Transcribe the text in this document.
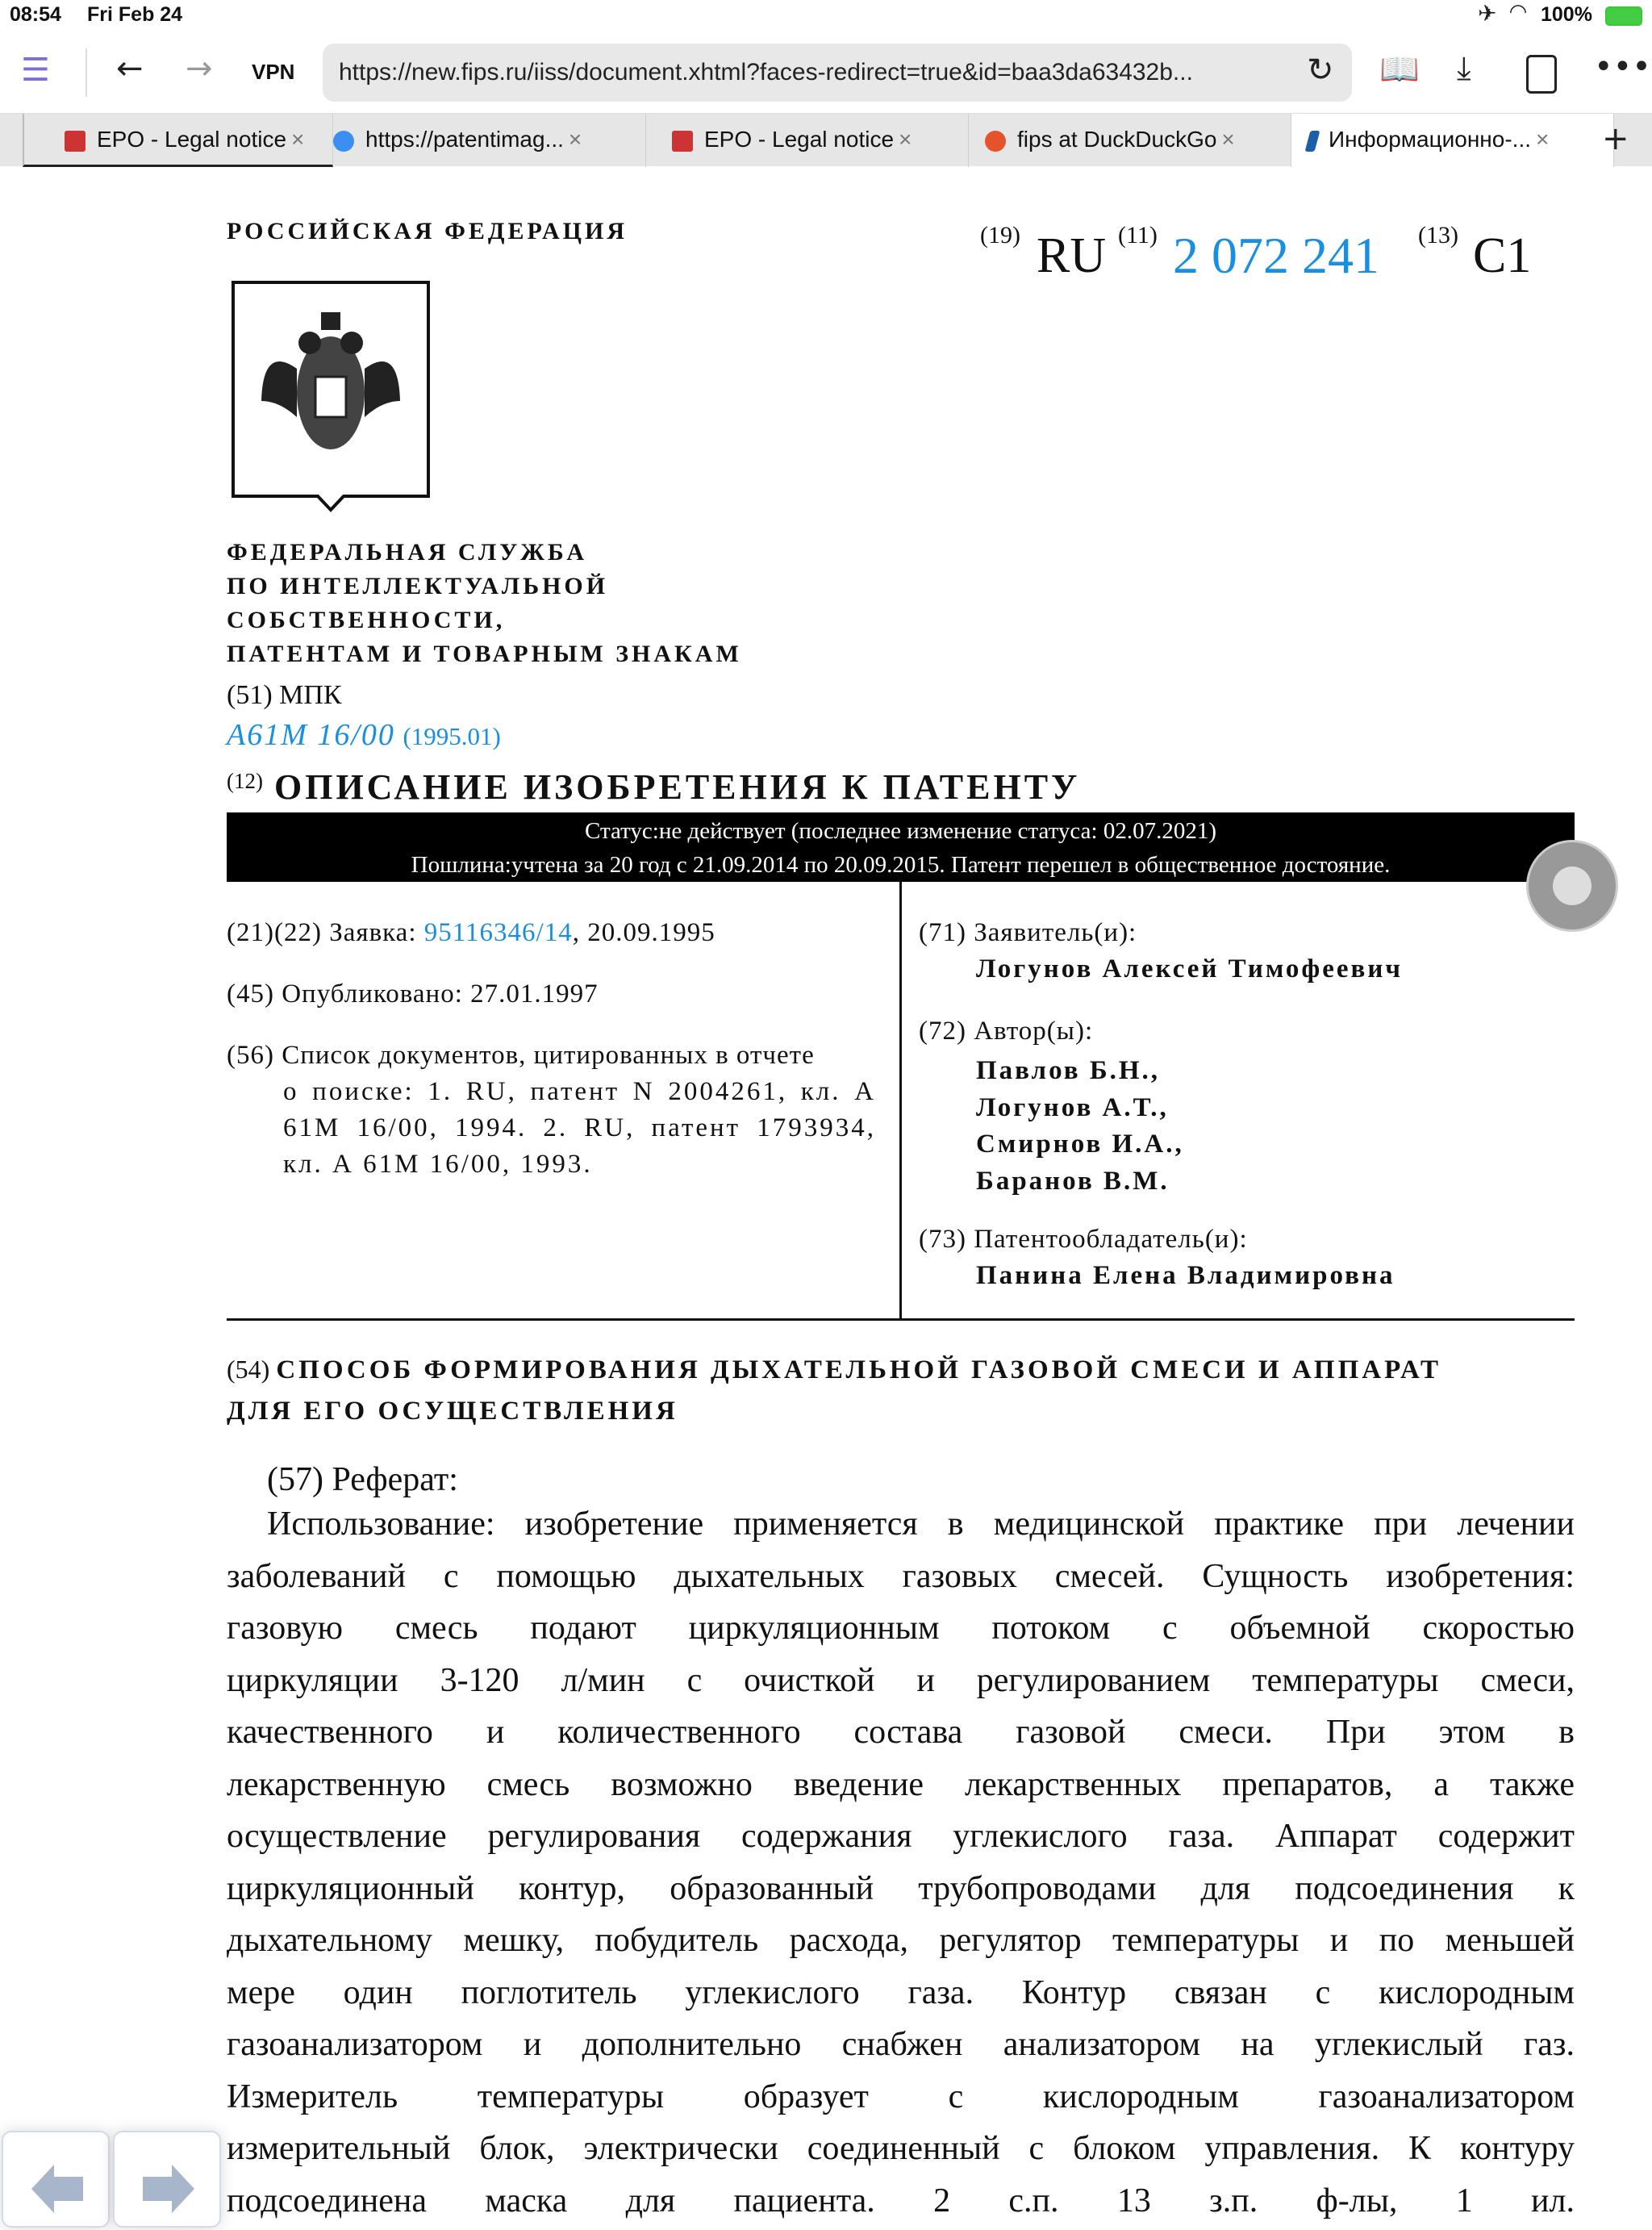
08:54 Fri Feb 24	✈ ◠ 100%
☰ ← → VPN	https://new.fips.ru/iiss/document.xhtml?faces-redirect=true&id=baa3da63432b...	↻ 📖 ⤓	•••
EPO - Legal notice ×	https://patentimag... ×	EPO - Legal notice ×	fips at DuckDuckGo ×	Информационно-... ×	+
РОССИЙСКАЯ ФЕДЕРАЦИЯ	(19) RU (11) 2 072 241 (13) C1
ФЕДЕРАЛЬНАЯ СЛУЖБА
ПО ИНТЕЛЛЕКТУАЛЬНОЙ
СОБСТВЕННОСТИ,
ПАТЕНТАМ И ТОВАРНЫМ ЗНАКАМ
(51) МПК
A61M 16/00 (1995.01)
(12) ОПИСАНИЕ ИЗОБРЕТЕНИЯ К ПАТЕНТУ
Статус:не действует (последнее изменение статуса: 02.07.2021)
Пошлина:учтена за 20 год с 21.09.2014 по 20.09.2015. Патент перешел в общественное достояние.
(21)(22) Заявка: 95116346/14, 20.09.1995
(45) Опубликовано: 27.01.1997
(56) Список документов, цитированных в отчете
о поиске: 1. RU, патент N 2004261, кл. А
61М 16/00, 1994. 2. RU, патент 1793934,
кл. А 61М 16/00, 1993.
(71) Заявитель(и):
Логунов Алексей Тимофеевич
(72) Автор(ы):
Павлов Б.Н.,
Логунов А.Т.,
Смирнов И.А.,
Баранов В.М.
(73) Патентообладатель(и):
Панина Елена Владимировна
(54) СПОСОБ ФОРМИРОВАНИЯ ДЫХАТЕЛЬНОЙ ГАЗОВОЙ СМЕСИ И АППАРАТ
ДЛЯ ЕГО ОСУЩЕСТВЛЕНИЯ
(57) Реферат:
Использование: изобретение применяется в медицинской практике при лечении
заболеваний с помощью дыхательных газовых смесей. Сущность изобретения:
газовую смесь подают циркуляционным потоком с объемной скоростью
циркуляции 3-120 л/мин с очисткой и регулированием температуры смеси,
качественного и количественного состава газовой смеси. При этом в
лекарственную смесь возможно введение лекарственных препаратов, а также
осуществление регулирования содержания углекислого газа. Аппарат содержит
циркуляционный контур, образованный трубопроводами для подсоединения к
дыхательному мешку, побудитель расхода, регулятор температуры и по меньшей
мере один поглотитель углекислого газа. Контур связан с кислородным
газоанализатором и дополнительно снабжен анализатором на углекислый газ.
Измеритель температуры образует с кислородным газоанализатором
измерительный блок, электрически соединенный с блоком управления. К контуру
подсоединена маска для пациента. 2 с.п. 13 з.п. ф-лы, 1 ил.
